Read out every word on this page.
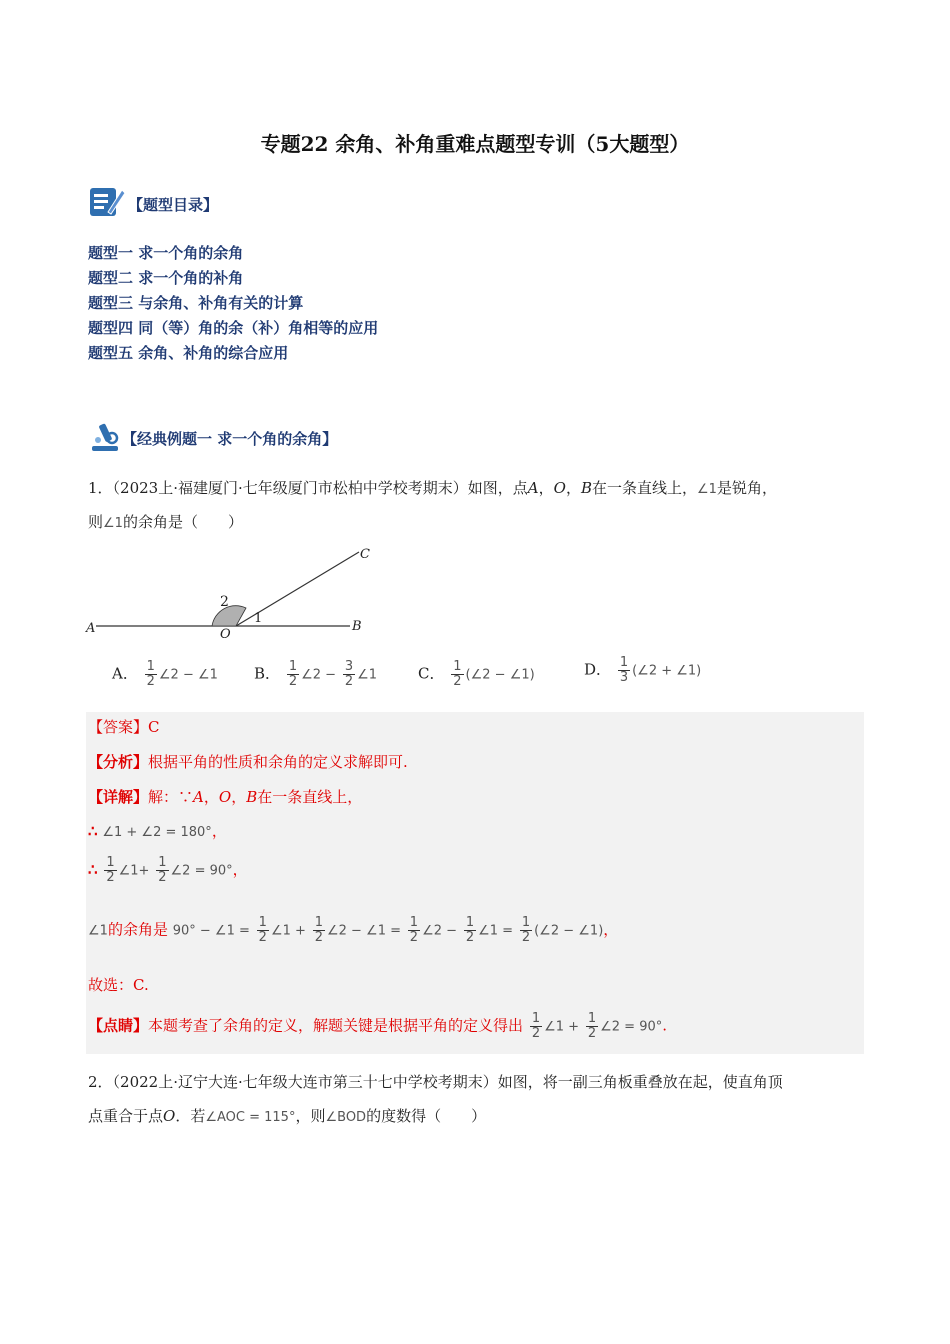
专题22 余角、补角重难点题型专训（5大题型）
【题型目录】
题型一 求一个角的余角
题型二 求一个角的补角
题型三 与余角、补角有关的计算
题型四 同（等）角的余（补）角相等的应用
题型五 余角、补角的综合应用
【经典例题一 求一个角的余角】
1．（2023上·福建厦门·七年级厦门市松柏中学校考期末）如图，点A，O，B在一条直线上，∠1是锐角，
则∠1的余角是（　　）
A	O
B
C
1
2
A． $\frac{1}{2}$ ∠2 − ∠1 B． $\frac{1}{2}$ ∠2 − $\frac{3}{2}$ ∠1	C． $\frac{1}{2}$ (∠2 − ∠1)	D． $\frac{1}{3}$ (∠2 + ∠1)
【答案】C
【分析】根据平角的性质和余角的定义求解即可.
【详解】解：∵A，O，B在一条直线上，
∴ ∠1 + ∠2 = 180°，
∴ $\frac{1}{2}$ ∠1+ $\frac{1}{2}$ ∠2 = 90°，
∠1的余角是 90° − ∠1 = $\frac{1}{2}$ ∠1 + $\frac{1}{2}$ ∠2 − ∠1 = $\frac{1}{2}$ ∠2 − $\frac{1}{2}$ ∠1 = $\frac{1}{2}$ (∠2 − ∠1)，
故选：C.
【点睛】本题考查了余角的定义，解题关键是根据平角的定义得出 $\frac{1}{2}$ ∠1 + $\frac{1}{2}$ ∠2 = 90°.
2．（2022上·辽宁大连·七年级大连市第三十七中学校考期末）如图，将一副三角板重叠放在起，使直角顶
点重合于点O．若∠AOC = 115°，则∠BOD的度数得（　　）
